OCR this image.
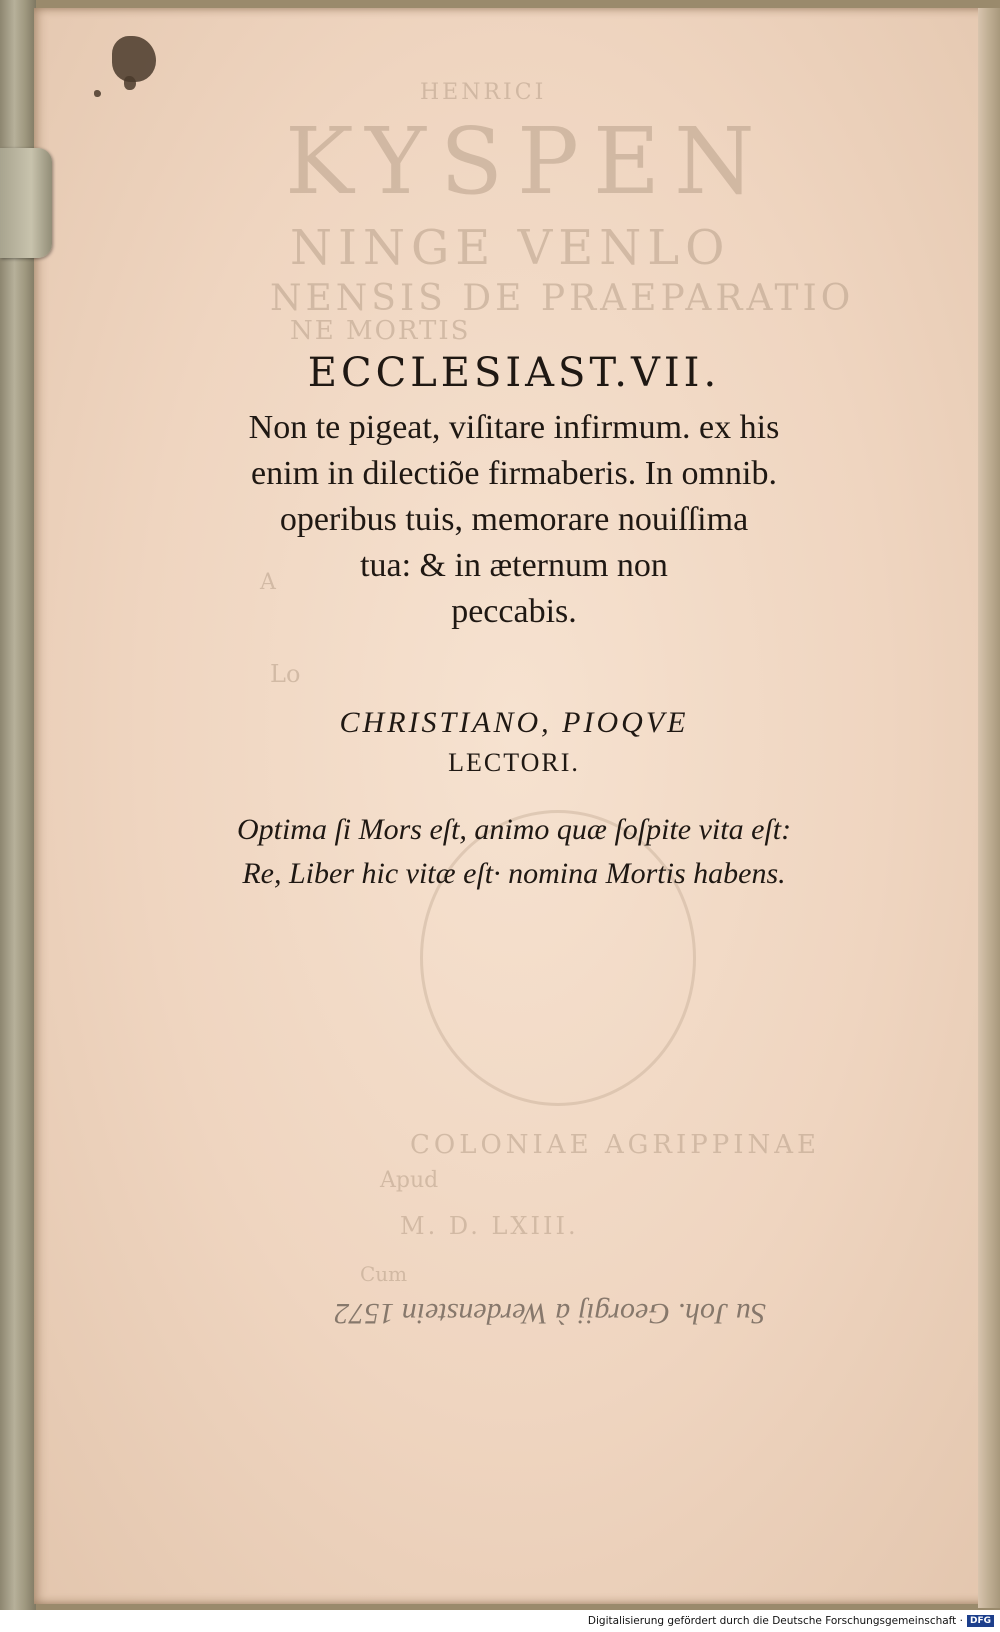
HENRICI
KYSPEN
NINGE VENLO
NENSIS DE PRAEPARATIO
NE MORTIS
A
Lo
COLONIAE AGRIPPINAE
Apud
M. D. LXIII.
Cum
ECCLESIAST.VII.
Non te pigeat, viſitare infirmum. ex his
enim in dilectiõe firmaberis. In omnib.
operibus tuis, memorare nouiſſima
tua: & in æternum non
peccabis.
CHRISTIANO, PIOQVE
LECTORI.
Optima ſi Mors eſt, animo quæ ſoſpite vita eſt:
Re, Liber hic vitæ eſt· nomina Mortis habens.
Su Joh. Georgij à Werdenstein 1572
Digitalisierung gefördert durch die Deutsche Forschungsgemeinschaft · DFG
